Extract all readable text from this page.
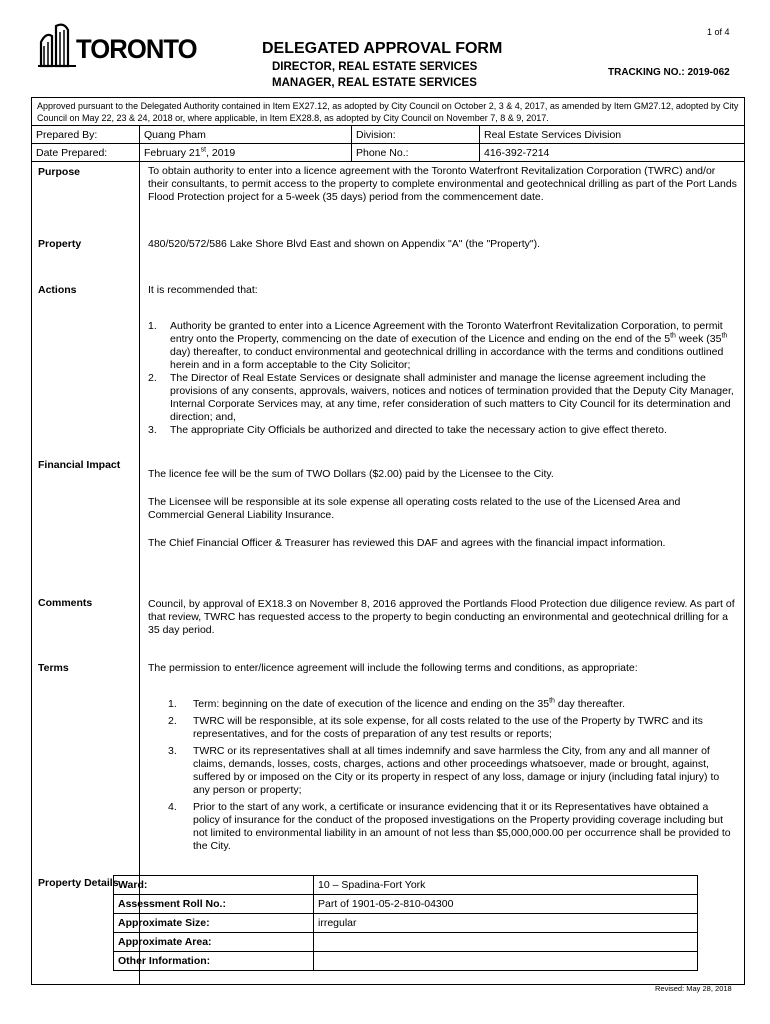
1 of 4
TORONTO	DELEGATED APPROVAL FORM
DIRECTOR, REAL ESTATE SERVICES
MANAGER, REAL ESTATE SERVICES
TRACKING NO.: 2019-062
Approved pursuant to the Delegated Authority contained in Item EX27.12, as adopted by City Council on October 2, 3 & 4, 2017, as amended by Item GM27.12, adopted by City Council on May 22, 23 & 24, 2018 or, where applicable, in Item EX28.8, as adopted by City Council on November 7, 8 & 9, 2017.
Prepared By:	Quang Pham	Division:	Real Estate Services Division
Date Prepared:	February 21st, 2019	Phone No.:	416-392-7214
Purpose	To obtain authority to enter into a licence agreement with the Toronto Waterfront Revitalization Corporation (TWRC) and/or their consultants, to permit access to the property to complete environmental and geotechnical drilling as part of the Port Lands Flood Protection project for a 5-week (35 days) period from the commencement date.
Property	480/520/572/586 Lake Shore Blvd East and shown on Appendix "A" (the "Property").
Actions	It is recommended that:
1. Authority be granted to enter into a Licence Agreement with the Toronto Waterfront Revitalization Corporation, to permit entry onto the Property, commencing on the date of execution of the Licence and ending on the end of the 5th week (35th day) thereafter, to conduct environmental and geotechnical drilling in accordance with the terms and conditions outlined herein and in a form acceptable to the City Solicitor;
2. The Director of Real Estate Services or designate shall administer and manage the license agreement including the provisions of any consents, approvals, waivers, notices and notices of termination provided that the Deputy City Manager, Internal Corporate Services may, at any time, refer consideration of such matters to City Council for its determination and direction; and,
3. The appropriate City Officials be authorized and directed to take the necessary action to give effect thereto.
Financial Impact
The licence fee will be the sum of TWO Dollars ($2.00) paid by the Licensee to the City.
The Licensee will be responsible at its sole expense all operating costs related to the use of the Licensed Area and Commercial General Liability Insurance.
The Chief Financial Officer & Treasurer has reviewed this DAF and agrees with the financial impact information.
Comments	Council, by approval of EX18.3 on November 8, 2016 approved the Portlands Flood Protection due diligence review. As part of that review, TWRC has requested access to the property to begin conducting an environmental and geotechnical drilling for a 35 day period.
Terms	The permission to enter/licence agreement will include the following terms and conditions, as appropriate:
1. Term: beginning on the date of execution of the licence and ending on the 35th day thereafter.
2. TWRC will be responsible, at its sole expense, for all costs related to the use of the Property by TWRC and its representatives, and for the costs of preparation of any test results or reports;
3. TWRC or its representatives shall at all times indemnify and save harmless the City, from any and all manner of claims, demands, losses, costs, charges, actions and other proceedings whatsoever, made or brought, against, suffered by or imposed on the City or its property in respect of any loss, damage or injury (including fatal injury) to any person or property;
4. Prior to the start of any work, a certificate or insurance evidencing that it or its Representatives have obtained a policy of insurance for the conduct of the proposed investigations on the Property providing coverage including but not limited to environmental liability in an amount of not less than $5,000,000.00 per occurrence shall be provided to the City.
Property Details Ward:	10 – Spadina-Fort York
Assessment Roll No.:	Part of 1901-05-2-810-04300
Approximate Size:	irregular
Approximate Area:	
Other Information:	
Revised: May 28, 2018
